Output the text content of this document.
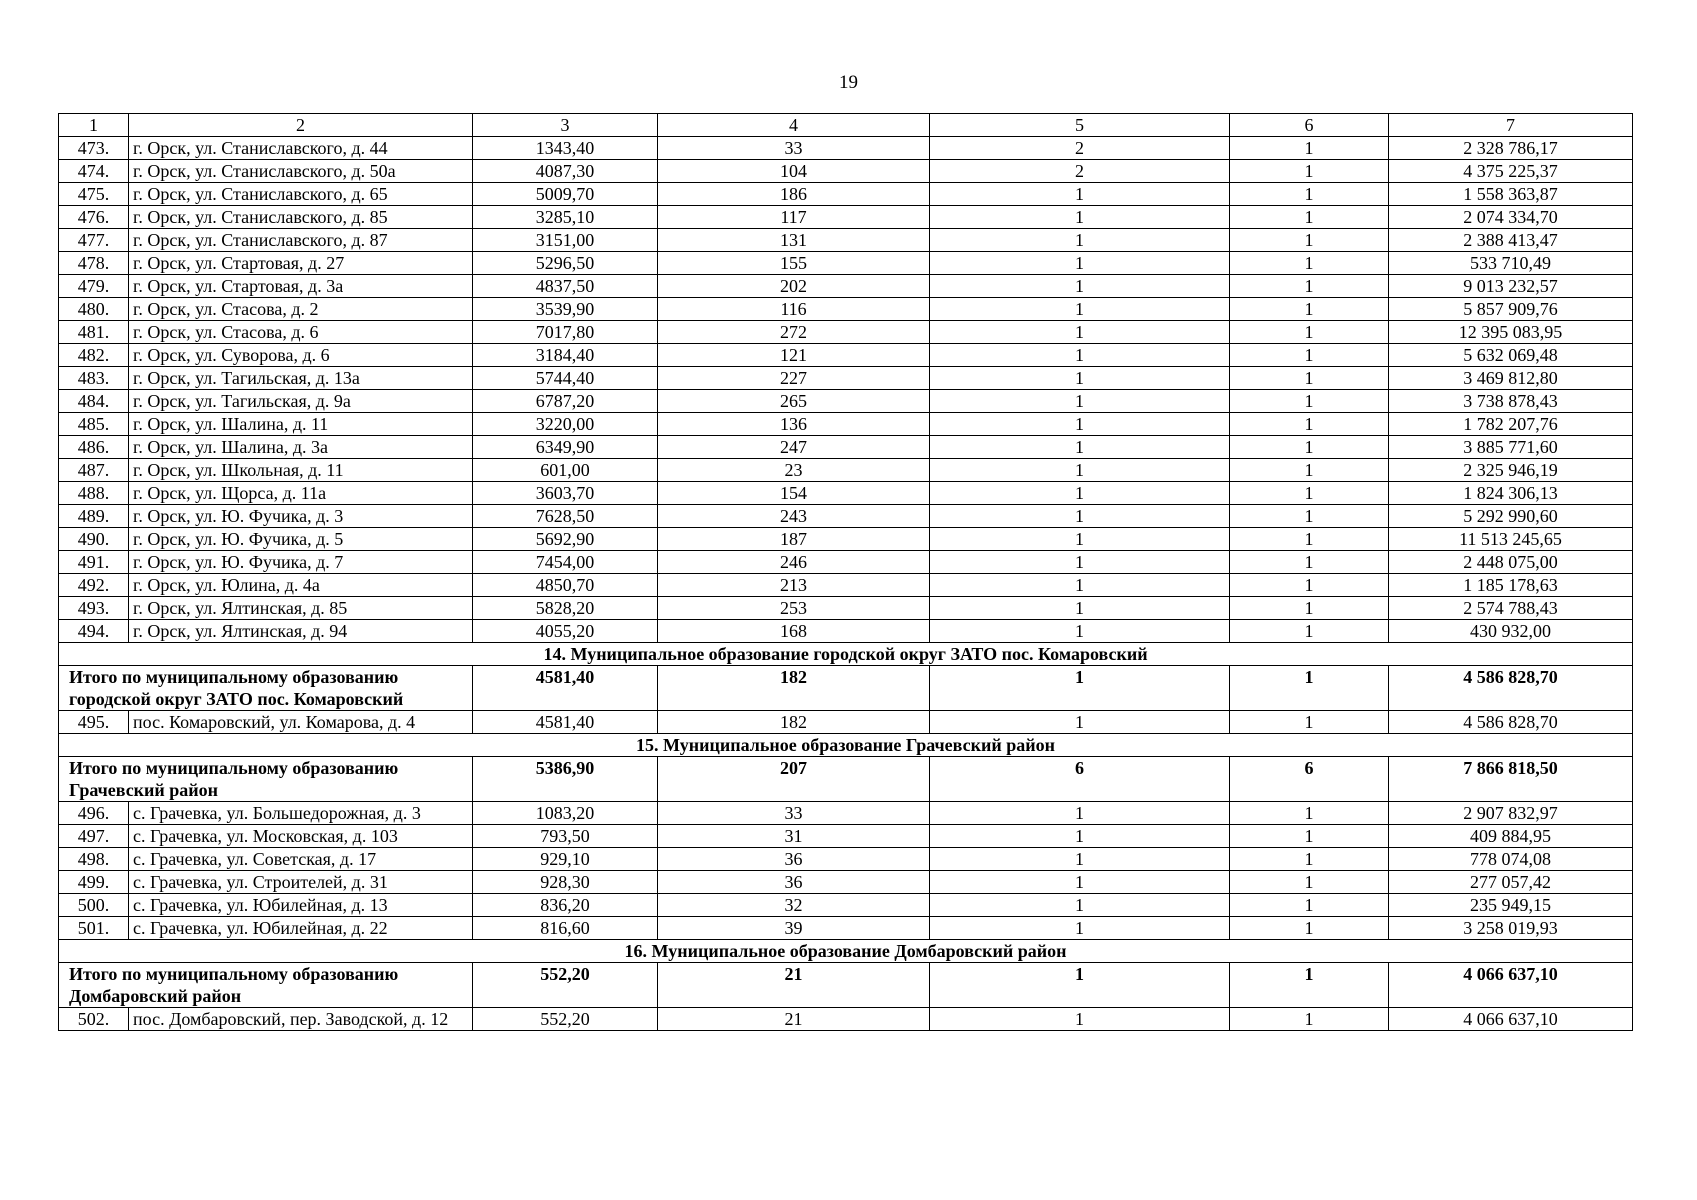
19
1	2	3	4	5	6	7
473.	г. Орск, ул. Станиславского, д. 44	1343,40	33	2	1	2 328 786,17
474.	г. Орск, ул. Станиславского, д. 50а	4087,30	104	2	1	4 375 225,37
475.	г. Орск, ул. Станиславского, д. 65	5009,70	186	1	1	1 558 363,87
476.	г. Орск, ул. Станиславского, д. 85	3285,10	117	1	1	2 074 334,70
477.	г. Орск, ул. Станиславского, д. 87	3151,00	131	1	1	2 388 413,47
478.	г. Орск, ул. Стартовая, д. 27	5296,50	155	1	1	533 710,49
479.	г. Орск, ул. Стартовая, д. 3а	4837,50	202	1	1	9 013 232,57
480.	г. Орск, ул. Стасова, д. 2	3539,90	116	1	1	5 857 909,76
481.	г. Орск, ул. Стасова, д. 6	7017,80	272	1	1	12 395 083,95
482.	г. Орск, ул. Суворова, д. 6	3184,40	121	1	1	5 632 069,48
483.	г. Орск, ул. Тагильская, д. 13а	5744,40	227	1	1	3 469 812,80
484.	г. Орск, ул. Тагильская, д. 9а	6787,20	265	1	1	3 738 878,43
485.	г. Орск, ул. Шалина, д. 11	3220,00	136	1	1	1 782 207,76
486.	г. Орск, ул. Шалина, д. 3а	6349,90	247	1	1	3 885 771,60
487.	г. Орск, ул. Школьная, д. 11	601,00	23	1	1	2 325 946,19
488.	г. Орск, ул. Щорса, д. 11а	3603,70	154	1	1	1 824 306,13
489.	г. Орск, ул. Ю. Фучика, д. 3	7628,50	243	1	1	5 292 990,60
490.	г. Орск, ул. Ю. Фучика, д. 5	5692,90	187	1	1	11 513 245,65
491.	г. Орск, ул. Ю. Фучика, д. 7	7454,00	246	1	1	2 448 075,00
492.	г. Орск, ул. Юлина, д. 4а	4850,70	213	1	1	1 185 178,63
493.	г. Орск, ул. Ялтинская, д. 85	5828,20	253	1	1	2 574 788,43
494.	г. Орск, ул. Ялтинская, д. 94	4055,20	168	1	1	430 932,00
14. Муниципальное образование городской округ ЗАТО пос. Комаровский						
Итого по муниципальному образованию городской округ ЗАТО пос. Комаровский		4581,40	182	1	1	4 586 828,70
495.	пос. Комаровский, ул. Комарова, д. 4	4581,40	182	1	1	4 586 828,70
15. Муниципальное образование Грачевский район						
Итого по муниципальному образованию Грачевский район		5386,90	207	6	6	7 866 818,50
496.	с. Грачевка, ул. Большедорожная, д. 3	1083,20	33	1	1	2 907 832,97
497.	с. Грачевка, ул. Московская, д. 103	793,50	31	1	1	409 884,95
498.	с. Грачевка, ул. Советская, д. 17	929,10	36	1	1	778 074,08
499.	с. Грачевка, ул. Строителей, д. 31	928,30	36	1	1	277 057,42
500.	с. Грачевка, ул. Юбилейная, д. 13	836,20	32	1	1	235 949,15
501.	с. Грачевка, ул. Юбилейная, д. 22	816,60	39	1	1	3 258 019,93
16. Муниципальное образование Домбаровский район						
Итого по муниципальному образованию Домбаровский район		552,20	21	1	1	4 066 637,10
502.	пос. Домбаровский, пер. Заводской, д. 12	552,20	21	1	1	4 066 637,10
